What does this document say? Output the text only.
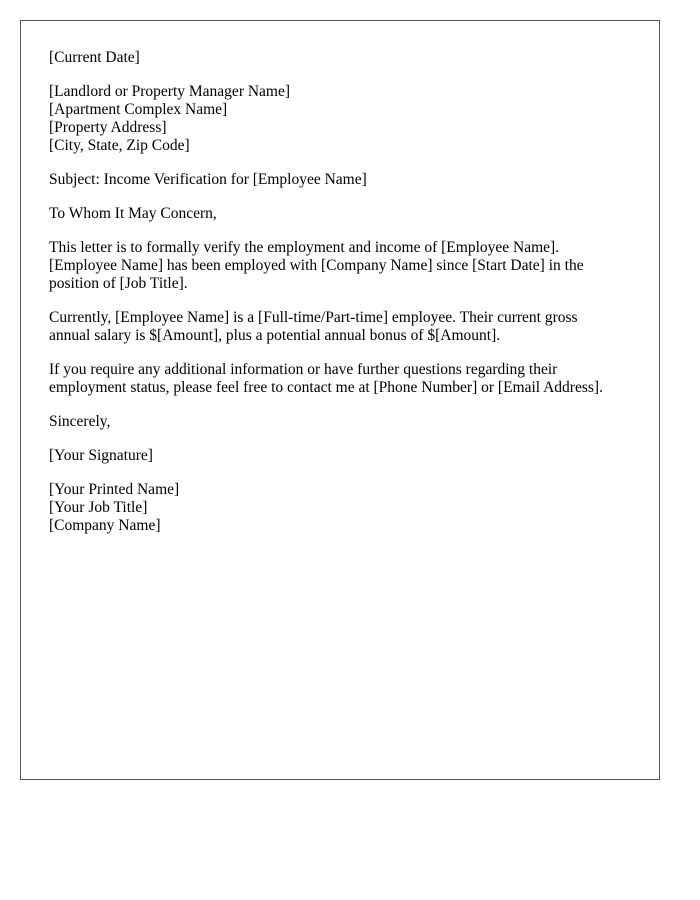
[Current Date]
[Landlord or Property Manager Name]
[Apartment Complex Name]
[Property Address]
[City, State, Zip Code]
Subject: Income Verification for [Employee Name]
To Whom It May Concern,
This letter is to formally verify the employment and income of [Employee Name].
[Employee Name] has been employed with [Company Name] since [Start Date] in the
position of [Job Title].
Currently, [Employee Name] is a [Full-time/Part-time] employee. Their current gross
annual salary is $[Amount], plus a potential annual bonus of $[Amount].
If you require any additional information or have further questions regarding their
employment status, please feel free to contact me at [Phone Number] or [Email Address].
Sincerely,
[Your Signature]
[Your Printed Name]
[Your Job Title]
[Company Name]
